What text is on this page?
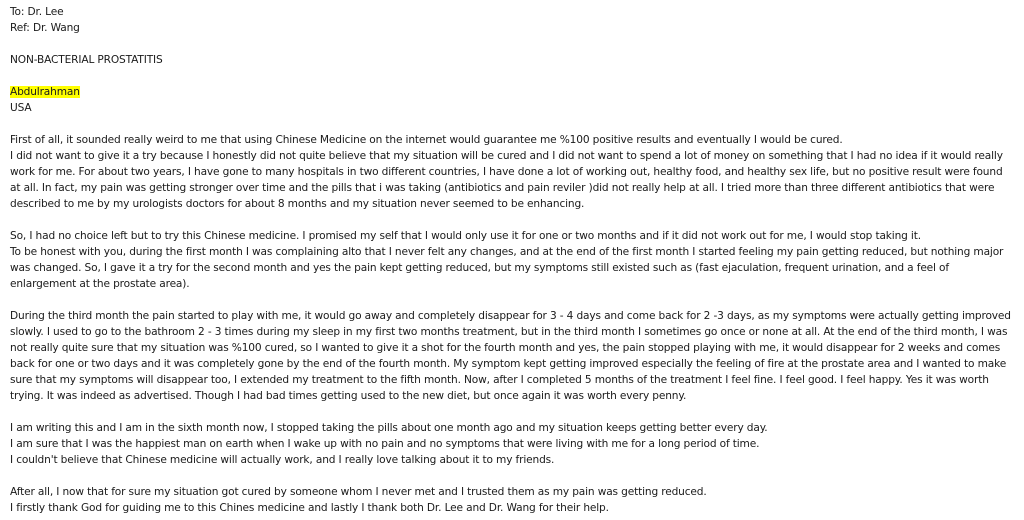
To: Dr. Lee

Ref: Dr. Wang

NON-BACTERIAL PROSTATITIS

Abdulrahman

USA

First of all, it sounded really weird to me that using Chinese Medicine on the internet would guarantee me %100 positive results and eventually I would be cured.

I did not want to give it a try because I honestly did not quite believe that my situation will be cured and I did not want to spend a lot of money on something that I had no idea if it would really work for me. For about two years, I have gone to many hospitals in two different countries, I have done a lot of working out, healthy food, and healthy sex life, but no positive result were found at all. In fact, my pain was getting stronger over time and the pills that i was taking (antibiotics and pain reviler )did not really help at all. I tried more than three different antibiotics that were described to me by my urologists doctors for about 8 months and my situation never seemed to be enhancing.

So, I had no choice left but to try this Chinese medicine. I promised my self that I would only use it for one or two months and if it did not work out for me, I would stop taking it.

To be honest with you, during the first month I was complaining alto that I never felt any changes, and at the end of the first month I started feeling my pain getting reduced, but nothing major was changed. So, I gave it a try for the second month and yes the pain kept getting reduced, but my symptoms still existed such as (fast ejaculation, frequent urination, and a feel of enlargement at the prostate area).

During the third month the pain started to play with me, it would go away and completely disappear for 3 - 4 days and come back for 2 -3 days, as my symptoms were actually getting improved slowly. I used to go to the bathroom 2 - 3 times during my sleep in my first two months treatment, but in the third month I sometimes go once or none at all. At the end of the third month, I was not really quite sure that my situation was %100 cured, so I wanted to give it a shot for the fourth month and yes, the pain stopped playing with me, it would disappear for 2 weeks and comes back for one or two days and it was completely gone by the end of the fourth month. My symptom kept getting improved especially the feeling of fire at the prostate area and I wanted to make sure that my symptoms will disappear too, I extended my treatment to the fifth month. Now, after I completed 5 months of the treatment I feel fine. I feel good. I feel happy. Yes it was worth trying. It was indeed as advertised. Though I had bad times getting used to the new diet, but once again it was worth every penny.

I am writing this and I am in the sixth month now, I stopped taking the pills about one month ago and my situation keeps getting better every day.

I am sure that I was the happiest man on earth when I wake up with no pain and no symptoms that were living with me for a long period of time.

I couldn't believe that Chinese medicine will actually work, and I really love talking about it to my friends.

After all, I now that for sure my situation got cured by someone whom I never met and I trusted them as my pain was getting reduced.

I firstly thank God for guiding me to this Chines medicine and lastly I thank both Dr. Lee and Dr. Wang for their help.
